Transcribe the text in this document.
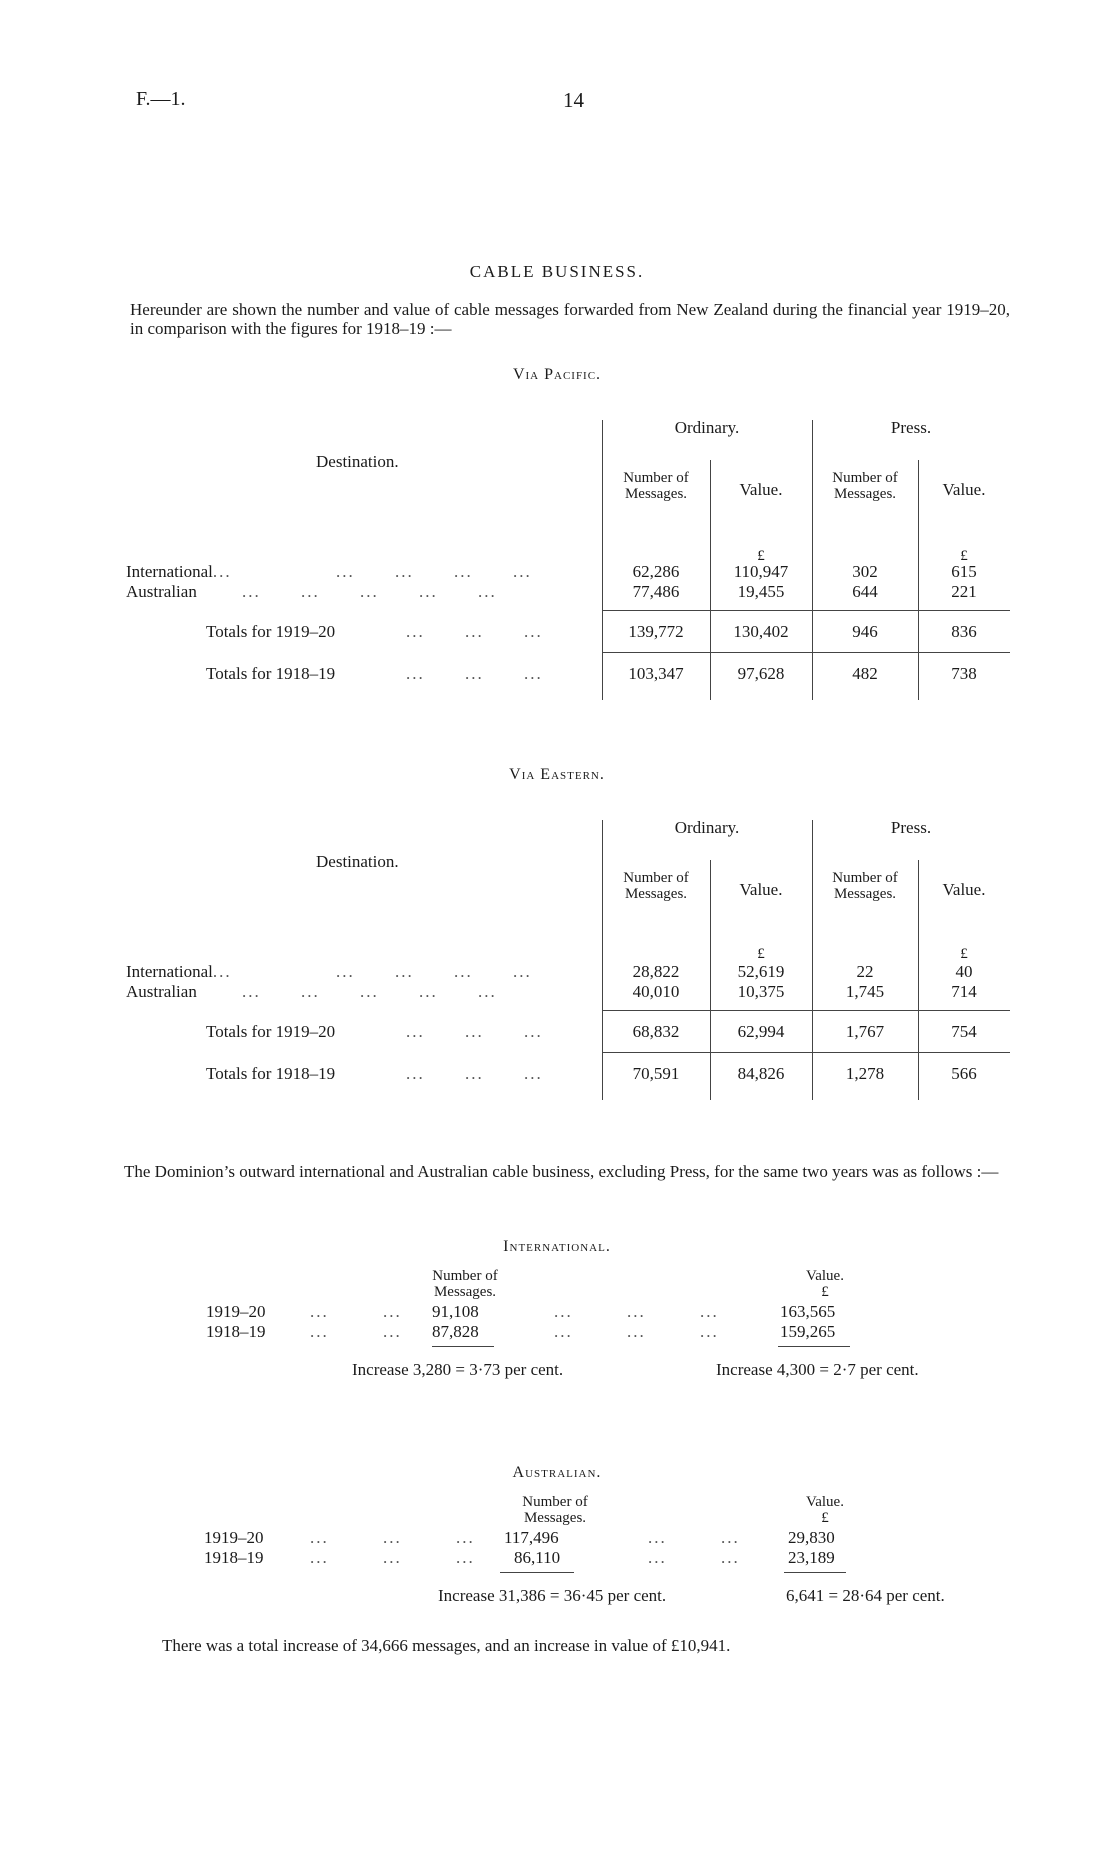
F.—1.	14
CABLE BUSINESS.
Hereunder are shown the number and value of cable messages forwarded from New Zealand during the financial year 1919–20, in comparison with the figures for 1918–19 :—
Via Pacific.
Destination.
Ordinary.	Press.
Number of Messages.	Value.
Number of Messages.	Value.
£	£
International...	... ... ... ...	62,286	110,947	302	615
Australian	... ... ... ... ...	77,486	19,455	644	221
Totals for 1919–20	... ... ...	139,772	130,402	946	836
Totals for 1918–19	... ... ...	103,347	97,628	482	738
Via Eastern.
Destination.
Ordinary.	Press.
Number of Messages.	Value.
Number of Messages.	Value.
£	£
International...	... ... ... ...	28,822	52,619	22	40
Australian	... ... ... ... ...	40,010	10,375	1,745	714
Totals for 1919–20	... ... ...	68,832	62,994	1,767	754
Totals for 1918–19	... ... ...	70,591	84,826	1,278	566
The Dominion’s outward international and Australian cable business, excluding Press, for the same two years was as follows :—
International.
Number of Messages.
Value.
£
1919–20	...	...	91,108	...	...	...	163,565
1918–19	...	...	87,828	...	...	...	159,265
Increase 3,280 = 3·73 per cent.	Increase 4,300 = 2·7 per cent.
Australian.
Number of Messages.
Value.
£
1919–20	...	...	...	117,496	...	...	29,830
1918–19	...	...	...	86,110	...	...	23,189
Increase 31,386 = 36·45 per cent.	6,641 = 28·64 per cent.
There was a total increase of 34,666 messages, and an increase in value of £10,941.
